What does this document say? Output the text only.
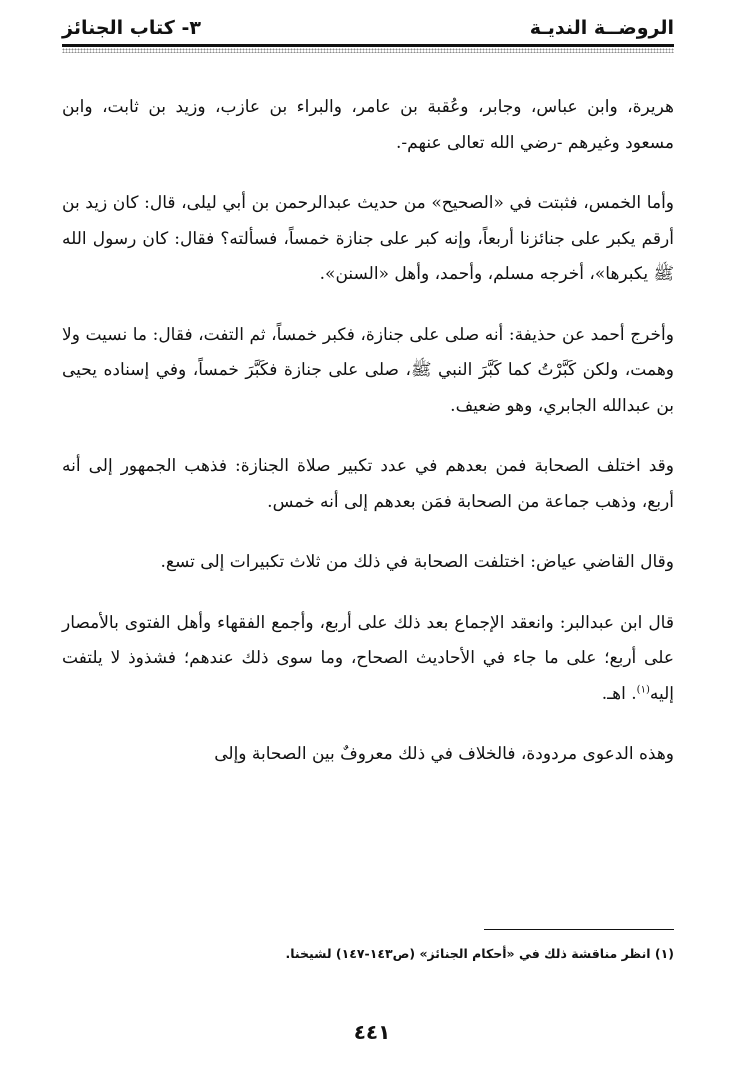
الروضــة النديـة
٣- كتاب الجنائز

هريرة، وابن عباس، وجابر، وعُقبة بن عامر، والبراء بن عازب، وزيد بن ثابت، وابن مسعود وغيرهم -رضي الله تعالى عنهم-.

وأما الخمس، فثبتت في «الصحيح» من حديث عبدالرحمن بن أبي ليلى، قال: كان زيد بن أرقم يكبر على جنائزنا أربعاً، وإنه كبر على جنازة خمساً، فسألته؟ فقال: كان رسول الله ﷺ يكبرها»، أخرجه مسلم، وأحمد، وأهل «السنن».

وأخرج أحمد عن حذيفة: أنه صلى على جنازة، فكبر خمساً، ثم التفت، فقال: ما نسيت ولا وهمت، ولكن كَبَّرْتُ كما كَبَّرَ النبي ﷺ، صلى على جنازة فكَبَّرَ خمساً، وفي إسناده يحيى بن عبدالله الجابري، وهو ضعيف.

وقد اختلف الصحابة فمن بعدهم في عدد تكبير صلاة الجنازة: فذهب الجمهور إلى أنه أربع، وذهب جماعة من الصحابة فمَن بعدهم إلى أنه خمس.

وقال القاضي عياض: اختلفت الصحابة في ذلك من ثلاث تكبيرات إلى تسع.

قال ابن عبدالبر: وانعقد الإجماع بعد ذلك على أربع، وأجمع الفقهاء وأهل الفتوى بالأمصار على أربع؛ على ما جاء في الأحاديث الصحاح، وما سوى ذلك عندهم؛ فشذوذ لا يلتفت إليه$^{(١)}$. اهـ.

وهذه الدعوى مردودة، فالخلاف في ذلك معروفٌ بين الصحابة وإلى

(١) انظر مناقشة ذلك في «أحكام الجنائز» (ص١٤٣-١٤٧) لشيخنا.
٤٤١
